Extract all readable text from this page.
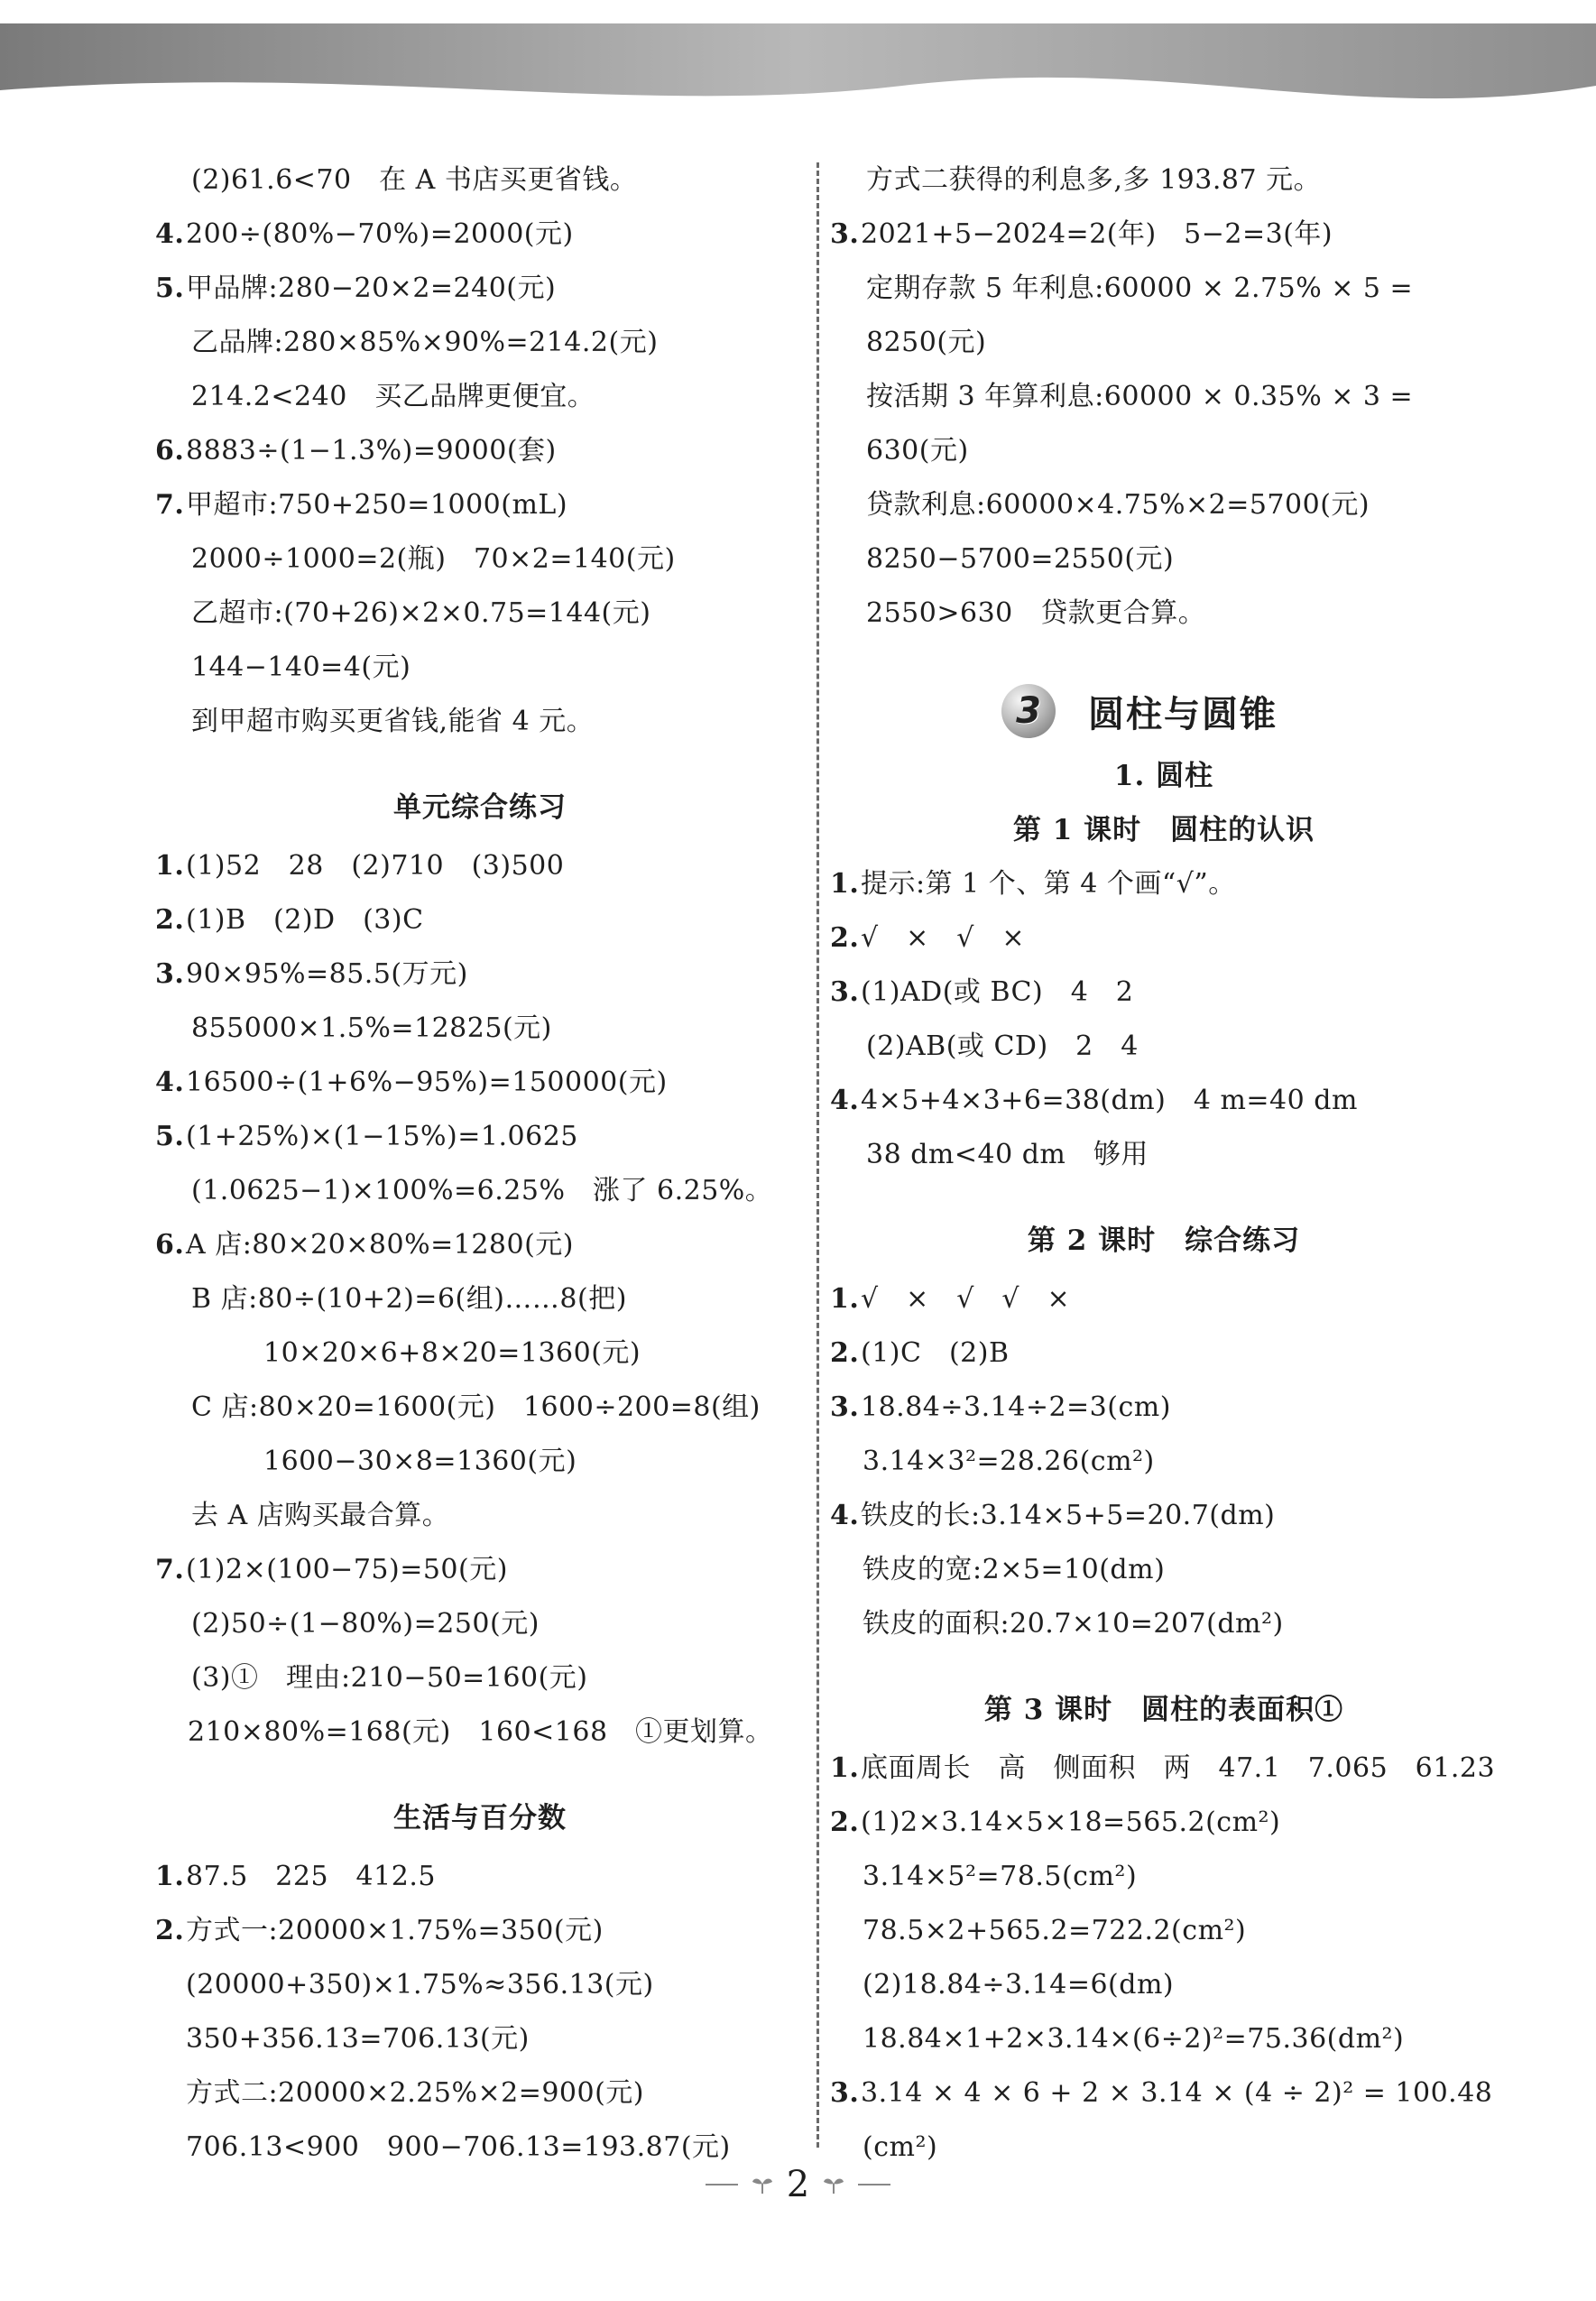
(2)61.6<70　在 A 书店买更省钱。
4.200÷(80%−70%)=2000(元)
5.甲品牌:280−20×2=240(元)
乙品牌:280×85%×90%=214.2(元)
214.2<240　买乙品牌更便宜。
6.8883÷(1−1.3%)=9000(套)
7.甲超市:750+250=1000(mL)
2000÷1000=2(瓶)　70×2=140(元)
乙超市:(70+26)×2×0.75=144(元)
144−140=4(元)
到甲超市购买更省钱,能省 4 元。
单元综合练习
1.(1)52　28　(2)710　(3)500
2.(1)B　(2)D　(3)C
3.90×95%=85.5(万元)
855000×1.5%=12825(元)
4.16500÷(1+6%−95%)=150000(元)
5.(1+25%)×(1−15%)=1.0625
(1.0625−1)×100%=6.25%　涨了 6.25%。
6.A 店:80×20×80%=1280(元)
B 店:80÷(10+2)=6(组)……8(把)
10×20×6+8×20=1360(元)
C 店:80×20=1600(元)　1600÷200=8(组)
1600−30×8=1360(元)
去 A 店购买最合算。
7.(1)2×(100−75)=50(元)
(2)50÷(1−80%)=250(元)
(3)①　理由:210−50=160(元)
210×80%=168(元)　160<168　①更划算。
生活与百分数
1.87.5　225　412.5
2.方式一:20000×1.75%=350(元)
(20000+350)×1.75%≈356.13(元)
350+356.13=706.13(元)
方式二:20000×2.25%×2=900(元)
706.13<900　900−706.13=193.87(元)
方式二获得的利息多,多 193.87 元。
3.2021+5−2024=2(年)　5−2=3(年)
定期存款 5 年利息:60000 × 2.75% × 5 =
8250(元)
按活期 3 年算利息:60000 × 0.35% × 3 =
630(元)
贷款利息:60000×4.75%×2=5700(元)
8250−5700=2550(元)
2550>630　贷款更合算。
3	圆柱与圆锥
1. 圆柱
第 1 课时　圆柱的认识
1.提示:第 1 个、第 4 个画“√”。
2.√　×　√　×
3.(1)AD(或 BC)　4　2
(2)AB(或 CD)　2　4
4.4×5+4×3+6=38(dm)　4 m=40 dm
38 dm<40 dm　够用
第 2 课时　综合练习
1.√　×　√　√　×
2.(1)C　(2)B
3.18.84÷3.14÷2=3(cm)
3.14×3²=28.26(cm²)
4.铁皮的长:3.14×5+5=20.7(dm)
铁皮的宽:2×5=10(dm)
铁皮的面积:20.7×10=207(dm²)
第 3 课时　圆柱的表面积①
1.底面周长　高　侧面积　两　47.1　7.065　61.23
2.(1)2×3.14×5×18=565.2(cm²)
3.14×5²=78.5(cm²)
78.5×2+565.2=722.2(cm²)
(2)18.84÷3.14=6(dm)
18.84×1+2×3.14×(6÷2)²=75.36(dm²)
3.3.14 × 4 × 6 + 2 × 3.14 × (4 ÷ 2)² = 100.48
(cm²)
2
